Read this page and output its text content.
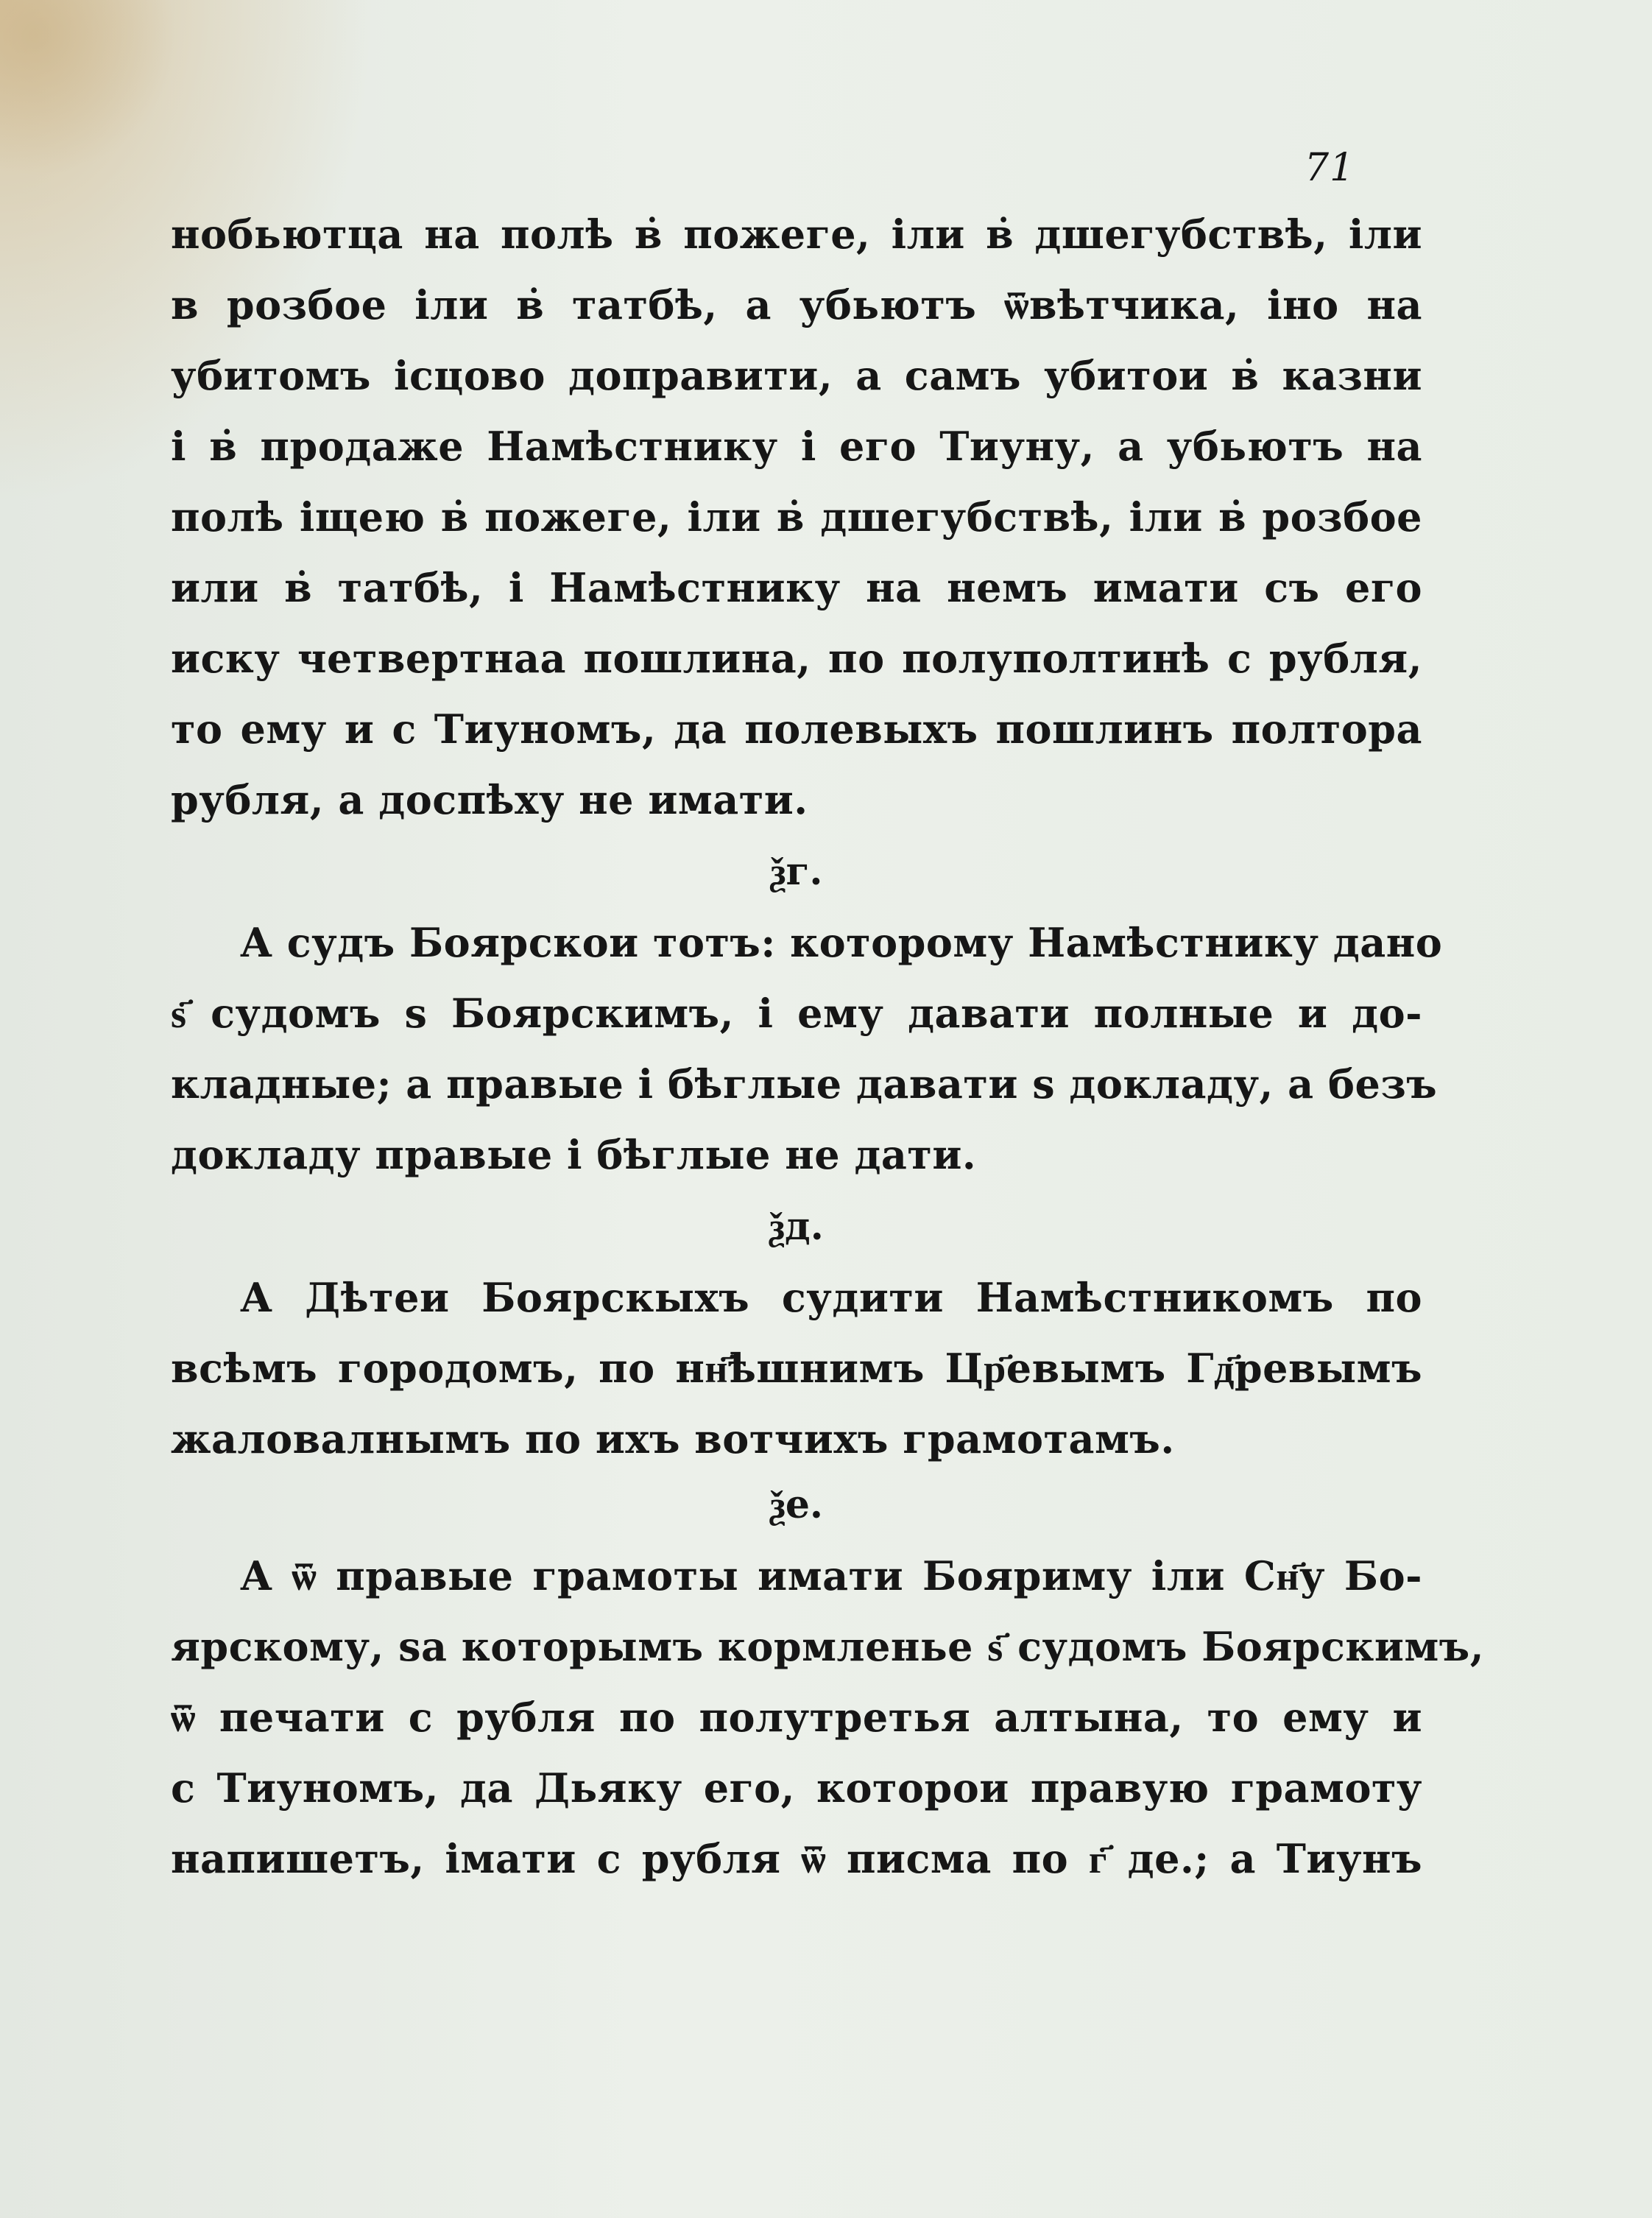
71
нобьютца на полѣ в̇ пожеге, іли в̇ дшегубствѣ, іли
в розбое іли в̇ татбѣ, а убьютъ ѿвѣтчика, іно на
убитомъ ісцово доправити, а самъ убитои в̇ казни
і в̇ продаже Намѣстнику і его Тиуну, а убьютъ на
полѣ іщею в̇ пожеге, іли в̇ дшегубствѣ, іли в̇ розбое
или в̇ татбѣ, і Намѣстнику на немъ имати съ его
иску четвертнаа пошлина, по полуполтинѣ с рубля,
то ему и с Тиуномъ, да полевыхъ пошлинъ полтора
рубля, а доспѣху не имати.
ѯг.
А судъ Боярскои тотъ: которому Намѣстнику дано
ѕ҃ судомъ ѕ Боярскимъ, і ему давати полные и до-
кладные; а правые і бѣглые давати ѕ докладу, а безъ
докладу правые і бѣглые не дати.
ѯд.
А Дѣтеи Боярскыхъ судити Намѣстникомъ по
всѣмъ городомъ, по нн҃ѣшнимъ Цр҃евымъ Гд҃ревымъ
жаловалнымъ по ихъ вотчихъ грамотамъ.
ѯе.
А ѿ правые грамоты имати Бояриму іли Сн҃у Бо-
ярскому, ѕа которымъ кормленье ѕ҃ судомъ Боярскимъ,
ѿ печати с рубля по полутретья алтына, то ему и
с Тиуномъ, да Дьяку его, которои правую грамоту
напишетъ, імати с рубля ѿ писма по г҃ де.; а Тиунъ
